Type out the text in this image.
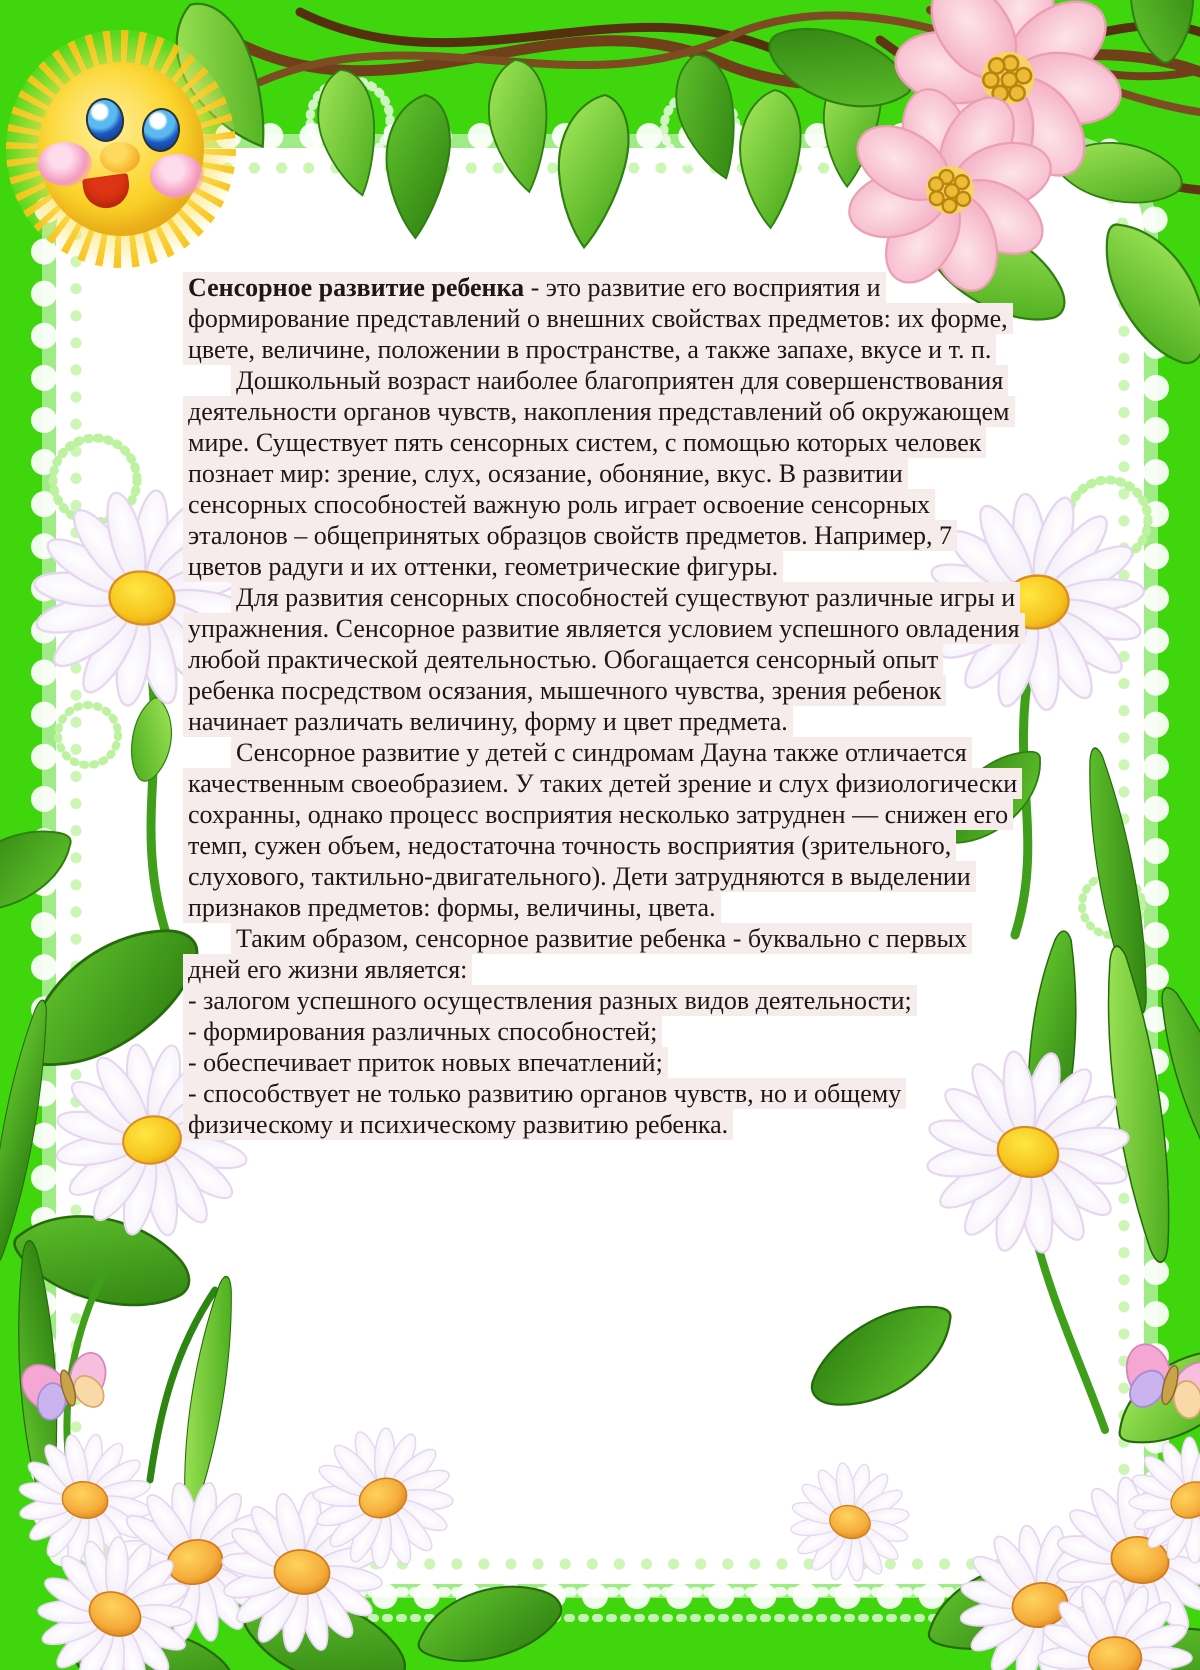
Сенсорное развитие ребенка - это развитие его восприятия и формирование представлений о внешних свойствах предметов: их форме, цвете, величине, положении в пространстве, а также запахе, вкусе и т. п.

Дошкольный возраст наиболее благоприятен для совершенствования деятельности органов чувств, накопления представлений об окружающем мире. Существует пять сенсорных систем, с помощью которых человек познает мир: зрение, слух, осязание, обоняние, вкус. В развитии сенсорных способностей важную роль играет освоение сенсорных эталонов – общепринятых образцов свойств предметов. Например, 7 цветов радуги и их оттенки, геометрические фигуры.

Для развития сенсорных способностей существуют различные игры и упражнения. Сенсорное развитие является условием успешного овладения любой практической деятельностью. Обогащается сенсорный опыт ребенка посредством осязания, мышечного чувства, зрения ребенок начинает различать величину, форму и цвет предмета.

Сенсорное развитие у детей с синдромам Дауна также отличается качественным своеобразием. У таких детей зрение и слух физиологически сохранны, однако процесс восприятия несколько затруднен — снижен его темп, сужен объем, недостаточна точность восприятия (зрительного, слухового, тактильно-двигательного). Дети затрудняются в выделении признаков предметов: формы, величины, цвета.

Таким образом, сенсорное развитие ребенка - буквально с первых дней его жизни является:

- залогом успешного осуществления разных видов деятельности;

- формирования различных способностей;

- обеспечивает приток новых впечатлений;

- способствует не только развитию органов чувств, но и общему физическому и психическому развитию ребенка.
